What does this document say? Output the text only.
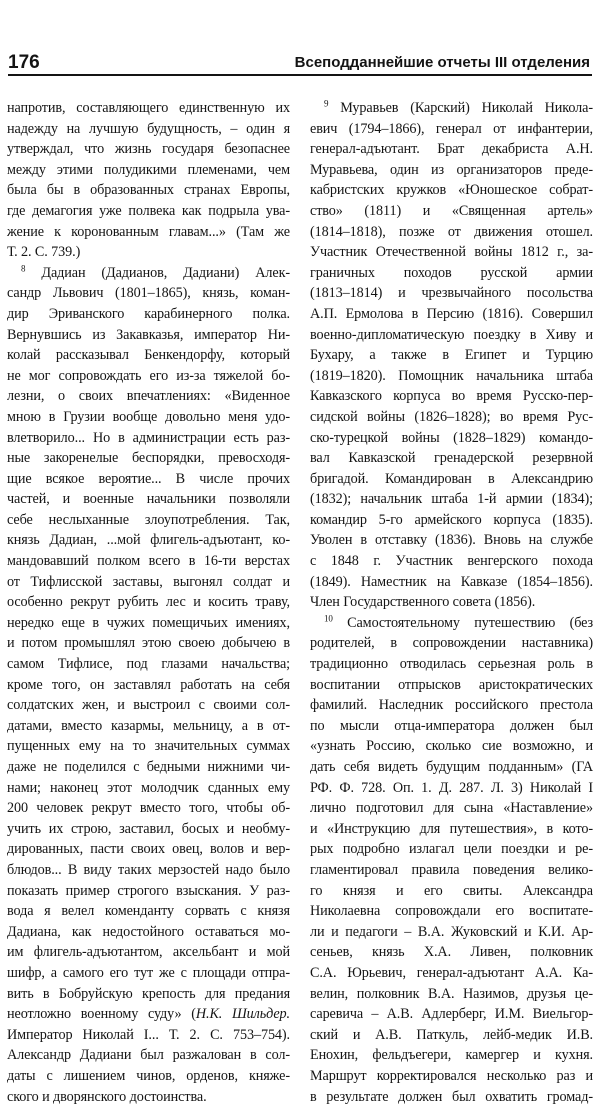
176	Всеподданнейшие отчеты III отделения

напротив, составляющего единственную их

надежду на лучшую будущность, – один я

утверждал, что жизнь государя безопаснее

между этими полудикими племенами, чем

была бы в образованных странах Европы,

где демагогия уже полвека как подрыла ува-

жение к коронованным главам...» (Там же

Т. 2. С. 739.)

$^8$ Дадиан (Дадианов, Дадиани) Алек-

сандр Львович (1801–1865), князь, коман-

дир Эриванского карабинерного полка.

Вернувшись из Закавказья, император Ни-

колай рассказывал Бенкендорфу, который

не мог сопровождать его из-за тяжелой бо-

лезни, о своих впечатлениях: «Виденное

мною в Грузии вообще довольно меня удо-

влетворило... Но в администрации есть раз-

ные закоренелые беспорядки, превосходя-

щие всякое вероятие... В числе прочих

частей, и военные начальники позволяли

себе неслыханные злоупотребления. Так,

князь Дадиан, ...мой флигель-адъютант, ко-

мандовавший полком всего в 16-ти верстах

от Тифлисской заставы, выгонял солдат и

особенно рекрут рубить лес и косить траву,

нередко еще в чужих помещичьих имениях,

и потом промышлял этою своею добычею в

самом Тифлисе, под глазами начальства;

кроме того, он заставлял работать на себя

солдатских жен, и выстроил с своими сол-

датами, вместо казармы, мельницу, а в от-

пущенных ему на то значительных суммах

даже не поделился с бедными нижними чи-

нами; наконец этот молодчик сданных ему

200 человек рекрут вместо того, чтобы об-

учить их строю, заставил, босых и необму-

дированных, пасти своих овец, волов и вер-

блюдов... В виду таких мерзостей надо было

показать пример строгого взыскания. У раз-

вода я велел коменданту сорвать с князя

Дадиана, как недостойного оставаться мо-

им флигель-адъютантом, аксельбант и мой

шифр, а самого его тут же с площади отпра-

вить в Бобруйскую крепость для предания

неотложно военному суду» (Н.К. Шильдер.

Император Николай I... Т. 2. С. 753–754).

Александр Дадиани был разжалован в сол-

даты с лишением чинов, орденов, княже-

ского и дворянского достоинства.

$^9$ Муравьев (Карский) Николай Никола-

евич (1794–1866), генерал от инфантерии,

генерал-адъютант. Брат декабриста А.Н.

Муравьева, один из организаторов преде-

кабристских кружков «Юношеское собрат-

ство» (1811) и «Священная артель»

(1814–1818), позже от движения отошел.

Участник Отечественной войны 1812 г., за-

граничных походов русской армии

(1813–1814) и чрезвычайного посольства

А.П. Ермолова в Персию (1816). Совершил

военно-дипломатическую поездку в Хиву и

Бухару, а также в Египет и Турцию

(1819–1820). Помощник начальника штаба

Кавказского корпуса во время Русско-пер-

сидской войны (1826–1828); во время Рус-

ско-турецкой войны (1828–1829) командо-

вал Кавказской гренадерской резервной

бригадой. Командирован в Александрию

(1832); начальник штаба 1-й армии (1834);

командир 5-го армейского корпуса (1835).

Уволен в отставку (1836). Вновь на службе

с 1848 г. Участник венгерского похода

(1849). Наместник на Кавказе (1854–1856).

Член Государственного совета (1856).

$^{10}$ Самостоятельному путешествию (без

родителей, в сопровождении наставника)

традиционно отводилась серьезная роль в

воспитании отпрысков аристократических

фамилий. Наследник российского престола

по мысли отца-императора должен был

«узнать Россию, сколько сие возможно, и

дать себя видеть будущим подданным» (ГА

РФ. Ф. 728. Оп. 1. Д. 287. Л. 3) Николай I

лично подготовил для сына «Наставление»

и «Инструкцию для путешествия», в кото-

рых подробно излагал цели поездки и ре-

гламентировал правила поведения велико-

го князя и его свиты. Александра

Николаевна сопровождали его воспитате-

ли и педагоги – В.А. Жуковский и К.И. Ар-

сеньев, князь Х.А. Ливен, полковник

С.А. Юрьевич, генерал-адъютант А.А. Ка-

велин, полковник В.А. Назимов, друзья це-

саревича – А.В. Адлерберг, И.М. Виельгор-

ский и А.В. Паткуль, лейб-медик И.В.

Енохин, фельдъегери, камергер и кухня.

Маршрут корректировался несколько раз и

в результате должен был охватить громад-
